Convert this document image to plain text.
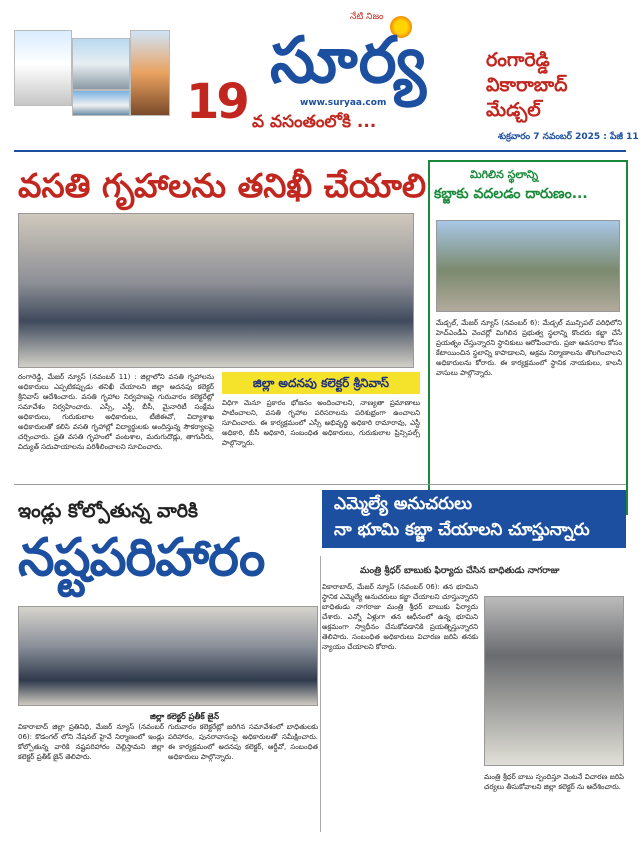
19 వ వసంతంలోకి ...
నేటి నిజం
సూర్య
www.suryaa.com
రంగారెడ్డి
వికారాబాద్
మేడ్చల్
శుక్రవారం 7 నవంబర్ 2025 : పేజీ 11
వసతి గృహాలను తనిఖీ చేయాలి
జిల్లా అదనపు కలెక్టర్ శ్రీనివాస్
రంగారెడ్డి, మేజర్ న్యూస్ (నవంబర్ 11) : జిల్లాలోని వసతి గృహాలను అధికారులు ఎప్పటికప్పుడు తనిఖీ చేయాలని జిల్లా అదనపు కలెక్టర్ శ్రీనివాస్ ఆదేశించారు. వసతి గృహాల నిర్వహణపై గురువారం కలెక్టరేట్లో సమావేశం నిర్వహించారు. ఎస్సీ, ఎస్టీ, బీసీ, మైనారిటీ సంక్షేమ అధికారులు, గురుకులాల అధికారులు, టీజీఈవో, విద్యాశాఖ అధికారులతో కలిసి వసతి గృహాల్లో విద్యార్థులకు అందిస్తున్న సౌకర్యాలపై చర్చించారు. ప్రతి వసతి గృహంలో వంటశాల, మరుగుదొడ్లు, తాగునీరు, విద్యుత్ సదుపాయాలను పరిశీలించాలని సూచించారు.
విధిగా మెనూ ప్రకారం భోజనం అందించాలని, నాణ్యతా ప్రమాణాలు పాటించాలని, వసతి గృహాల పరిసరాలను పరిశుభ్రంగా ఉంచాలని సూచించారు. ఈ కార్యక్రమంలో ఎస్సీ అభివృద్ధి అధికారి రామారావు, ఎస్టీ అధికారి, బీసీ అధికారి, సంబంధిత అధికారులు, గురుకులాల ప్రిన్సిపల్స్ పాల్గొన్నారు.
మిగిలిన స్థలాన్ని
కబ్జాకు వదలడం దారుణం...
మేడ్చల్, మేజర్ న్యూస్ (నవంబర్ 6): మేడ్చల్ మున్సిపల్ పరిధిలోని హెచ్ఎండీఏ వెంచర్లో మిగిలిన ప్రభుత్వ స్థలాన్ని కొందరు కబ్జా చేసే ప్రయత్నం చేస్తున్నారని స్థానికులు ఆరోపించారు. ప్రజా అవసరాల కోసం కేటాయించిన స్థలాన్ని కాపాడాలని, అక్రమ నిర్మాణాలను తొలగించాలని అధికారులను కోరారు. ఈ కార్యక్రమంలో స్థానిక నాయకులు, కాలనీ వాసులు పాల్గొన్నారు.
ఇండ్లు కోల్పోతున్న వారికి
నష్టపరిహారం
జిల్లా కలెక్టర్ ప్రతీక్ జైన్
వికారాబాద్ జిల్లా ప్రతినిధి, మేజర్ న్యూస్ (నవంబర్ 06): కొడంగల్ లోని నేషనల్ హైవే నిర్మాణంలో ఇండ్లు కోల్పోతున్న వారికి నష్టపరిహారం చెల్లిస్తామని జిల్లా కలెక్టర్ ప్రతీక్ జైన్ తెలిపారు.
గురువారం కలెక్టరేట్లో జరిగిన సమావేశంలో బాధితులకు పరిహారం, పునరావాసంపై అధికారులతో సమీక్షించారు. ఈ కార్యక్రమంలో అదనపు కలెక్టర్, ఆర్డీవో, సంబంధిత అధికారులు పాల్గొన్నారు.
ఎమ్మెల్యే అనుచరులు
నా భూమి కబ్జా చేయాలని చూస్తున్నారు
మంత్రి శ్రీధర్ బాబుకు ఫిర్యాదు చేసిన బాధితుడు నాగరాజు
వికారాబాద్, మేజర్ న్యూస్ (నవంబర్ 06): తన భూమిని స్థానిక ఎమ్మెల్యే అనుచరులు కబ్జా చేయాలని చూస్తున్నారని బాధితుడు నాగరాజు మంత్రి శ్రీధర్ బాబుకు ఫిర్యాదు చేశారు. ఎన్నో ఏళ్లుగా తన ఆధీనంలో ఉన్న భూమిని అక్రమంగా స్వాధీనం చేసుకోవడానికి ప్రయత్నిస్తున్నారని తెలిపారు. సంబంధిత అధికారులు విచారణ జరిపి తనకు న్యాయం చేయాలని కోరారు.
మంత్రి శ్రీధర్ బాబు స్పందిస్తూ వెంటనే విచారణ జరిపి చర్యలు తీసుకోవాలని జిల్లా కలెక్టర్ ను ఆదేశించారు.
